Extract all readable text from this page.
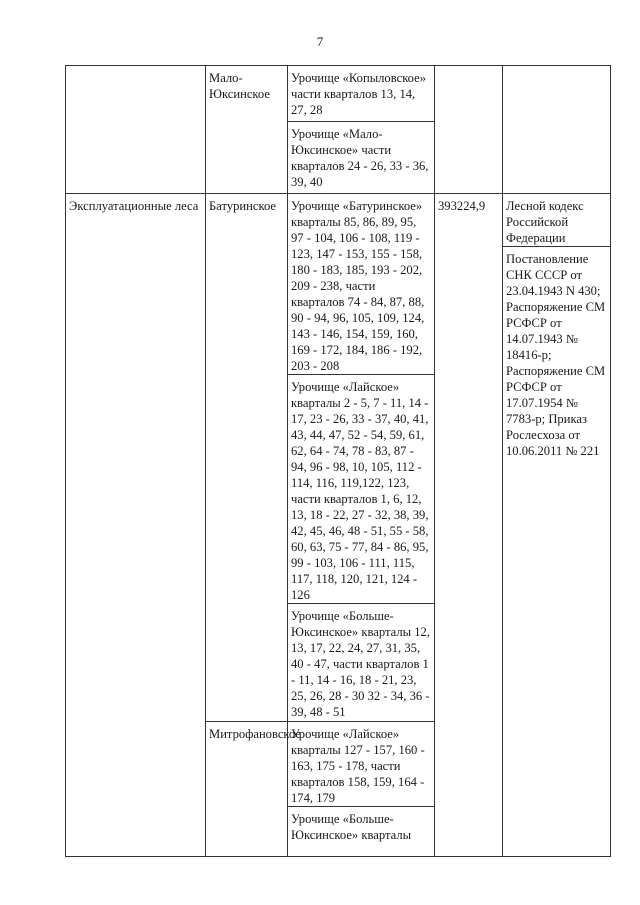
7
	Мало-Юксинское	Урочище «Копыловское» части кварталов 13, 14, 27, 28		
		Урочище «Мало-Юксинское» части кварталов 24 - 26, 33 - 36, 39, 40		
Эксплуатационные леса	Батуринское	Урочище «Батуринское» кварталы 85, 86, 89, 95, 97 - 104, 106 - 108, 119 - 123, 147 - 153, 155 - 158, 180 - 183, 185, 193 - 202, 209 - 238, части кварталов 74 - 84, 87, 88, 90 - 94, 96, 105, 109, 124, 143 - 146, 154, 159, 160, 169 - 172, 184, 186 - 192, 203 - 208	393224,9	Лесной кодекс Российской Федерации
				Постановление СНК СССР от 23.04.1943 N 430; Распоряжение СМ РСФСР от 14.07.1943 № 18416-р; Распоряжение СМ РСФСР от 17.07.1954 № 7783-р; Приказ Рослесхоза от 10.06.2011 № 221
		Урочище «Лайское» кварталы 2 - 5, 7 - 11, 14 - 17, 23 - 26, 33 - 37, 40, 41, 43, 44, 47, 52 - 54, 59, 61, 62, 64 - 74, 78 - 83, 87 - 94, 96 - 98, 10, 105, 112 - 114, 116, 119,122, 123, части кварталов 1, 6, 12, 13, 18 - 22, 27 - 32, 38, 39, 42, 45, 46, 48 - 51, 55 - 58, 60, 63, 75 - 77, 84 - 86, 95, 99 - 103, 106 - 111, 115, 117, 118, 120, 121, 124 - 126		
		Урочище «Больше-Юксинское» кварталы 12, 13, 17, 22, 24, 27, 31, 35, 40 - 47, части кварталов 1 - 11, 14 - 16, 18 - 21, 23, 25, 26, 28 - 30 32 - 34, 36 - 39, 48 - 51		
	Митрофановское	Урочище «Лайское» кварталы 127 - 157, 160 - 163, 175 - 178, части кварталов 158, 159, 164 - 174, 179		
		Урочище «Больше-Юксинское» кварталы		
